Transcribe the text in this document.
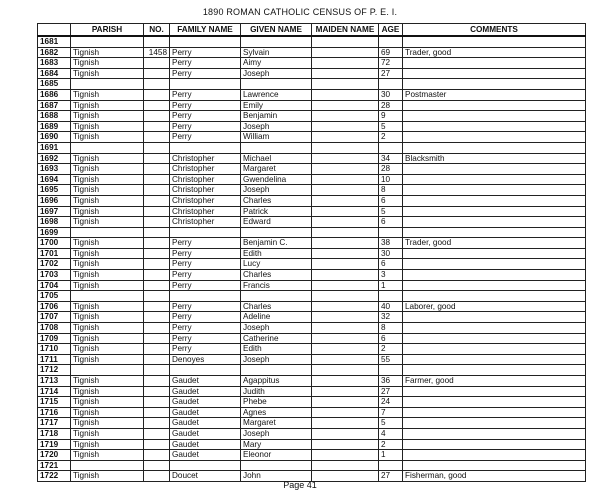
1890 ROMAN CATHOLIC CENSUS OF P. E. I.
	PARISH	NO.	FAMILY NAME	GIVEN NAME	MAIDEN NAME	AGE	COMMENTS
1681							
1682	Tignish	1458	Perry	Sylvain		69	Trader, good
1683	Tignish		Perry	Aimy		72	
1684	Tignish		Perry	Joseph		27	
1685							
1686	Tignish		Perry	Lawrence		30	Postmaster
1687	Tignish		Perry	Emily		28	
1688	Tignish		Perry	Benjamin		9	
1689	Tignish		Perry	Joseph		5	
1690	Tignish		Perry	William		2	
1691							
1692	Tignish		Christopher	Michael		34	Blacksmith
1693	Tignish		Christopher	Margaret		28	
1694	Tignish		Christopher	Gwendelina		10	
1695	Tignish		Christopher	Joseph		8	
1696	Tignish		Christopher	Charles		6	
1697	Tignish		Christopher	Patrick		5	
1698	Tignish		Christopher	Edward		6	
1699							
1700	Tignish		Perry	Benjamin C.		38	Trader, good
1701	Tignish		Perry	Edith		30	
1702	Tignish		Perry	Lucy		6	
1703	Tignish		Perry	Charles		3	
1704	Tignish		Perry	Francis		1	
1705							
1706	Tignish		Perry	Charles		40	Laborer, good
1707	Tignish		Perry	Adeline		32	
1708	Tignish		Perry	Joseph		8	
1709	Tignish		Perry	Catherine		6	
1710	Tignish		Perry	Edith		2	
1711	Tignish		Denoyes	Joseph		55	
1712							
1713	Tignish		Gaudet	Agappitus		36	Farmer, good
1714	Tignish		Gaudet	Judith		27	
1715	Tignish		Gaudet	Phebe		24	
1716	Tignish		Gaudet	Agnes		7	
1717	Tignish		Gaudet	Margaret		5	
1718	Tignish		Gaudet	Joseph		4	
1719	Tignish		Gaudet	Mary		2	
1720	Tignish		Gaudet	Eleonor		1	
1721							
1722	Tignish		Doucet	John		27	Fisherman, good
Page 41
